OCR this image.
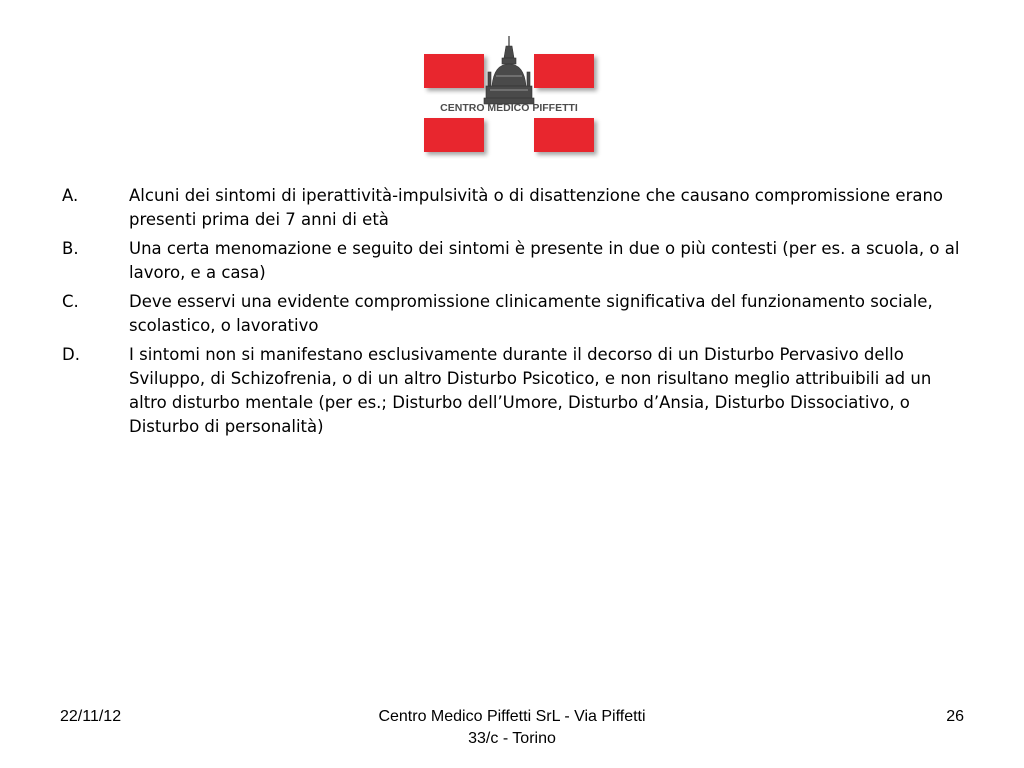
CENTRO MEDICO PIFFETTI
A.	Alcuni dei sintomi di iperattività-impulsività o di disattenzione che causano compromissione erano presenti prima dei 7 anni di età
B.	Una certa menomazione e seguito dei sintomi è presente in due o più contesti (per es. a scuola, o al lavoro, e a casa)
C.	Deve esservi una evidente compromissione clinicamente significativa del funzionamento sociale, scolastico, o lavorativo
D.	I sintomi non si manifestano esclusivamente durante il decorso di un Disturbo Pervasivo dello Sviluppo, di Schizofrenia, o di un altro Disturbo Psicotico, e non risultano meglio attribuibili ad un altro disturbo mentale (per es.; Disturbo dell’Umore, Disturbo d’Ansia, Disturbo Dissociativo, o Disturbo di personalità)
22/11/12	Centro Medico Piffetti SrL - Via Piffetti 33/c - Torino
26
